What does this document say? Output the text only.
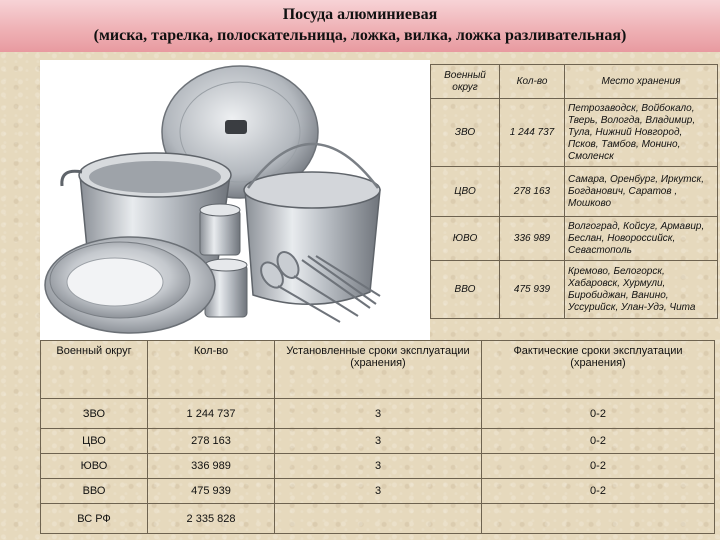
Посуда алюминиевая
(миска, тарелка, полоскательница, ложка, вилка, ложка разливательная)
Военный округ	Кол-во	Место хранения
ЗВО	1 244 737	Петрозаводск, Войбокало, Тверь, Вологда, Владимир, Тула, Нижний Новгород, Псков, Тамбов, Монино, Смоленск
ЦВО	278 163	Самара, Оренбург, Иркутск, Богданович, Саратов , Мошково
ЮВО	336 989	Волгоград, Койсуг, Армавир, Беслан, Новороссийск, Севастополь
ВВО	475 939	Кремово, Белогорск, Хабаровск, Хурмули, Биробиджан, Ванино, Уссурийск, Улан-Удэ, Чита
Военный округ	Кол-во	Установленные сроки эксплуатации (хранения)	Фактические сроки эксплуатации (хранения)
ЗВО	1 244 737	3	0-2
ЦВО	278 163	3	0-2
ЮВО	336 989	3	0-2
ВВО	475 939	3	0-2
ВС РФ	2 335 828		
